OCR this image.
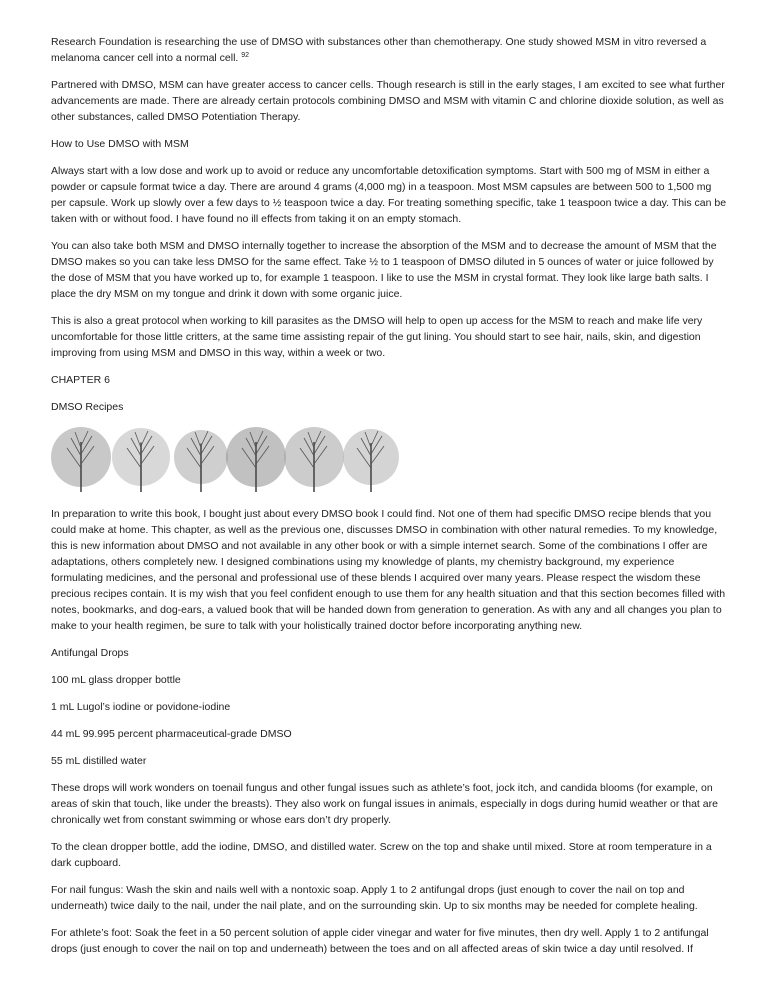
Research Foundation is researching the use of DMSO with substances other than chemotherapy. One study showed MSM in vitro reversed a melanoma cancer cell into a normal cell. $^{92}$

Partnered with DMSO, MSM can have greater access to cancer cells. Though research is still in the early stages, I am excited to see what further advancements are made. There are already certain protocols combining DMSO and MSM with vitamin C and chlorine dioxide solution, as well as other substances, called DMSO Potentiation Therapy.

How to Use DMSO with MSM

Always start with a low dose and work up to avoid or reduce any uncomfortable detoxification symptoms. Start with 500 mg of MSM in either a powder or capsule format twice a day. There are around 4 grams (4,000 mg) in a teaspoon. Most MSM capsules are between 500 to 1,500 mg per capsule. Work up slowly over a few days to ½ teaspoon twice a day. For treating something specific, take 1 teaspoon twice a day. This can be taken with or without food. I have found no ill effects from taking it on an empty stomach.

You can also take both MSM and DMSO internally together to increase the absorption of the MSM and to decrease the amount of MSM that the DMSO makes so you can take less DMSO for the same effect. Take ½ to 1 teaspoon of DMSO diluted in 5 ounces of water or juice followed by the dose of MSM that you have worked up to, for example 1 teaspoon. I like to use the MSM in crystal format. They look like large bath salts. I place the dry MSM on my tongue and drink it down with some organic juice.

This is also a great protocol when working to kill parasites as the DMSO will help to open up access for the MSM to reach and make life very uncomfortable for those little critters, at the same time assisting repair of the gut lining. You should start to see hair, nails, skin, and digestion improving from using MSM and DMSO in this way, within a week or two.

CHAPTER 6

DMSO Recipes

In preparation to write this book, I bought just about every DMSO book I could find. Not one of them had specific DMSO recipe blends that you could make at home. This chapter, as well as the previous one, discusses DMSO in combination with other natural remedies. To my knowledge, this is new information about DMSO and not available in any other book or with a simple internet search. Some of the combinations I offer are adaptations, others completely new. I designed combinations using my knowledge of plants, my chemistry background, my experience formulating medicines, and the personal and professional use of these blends I acquired over many years. Please respect the wisdom these precious recipes contain. It is my wish that you feel confident enough to use them for any health situation and that this section becomes filled with notes, bookmarks, and dog-ears, a valued book that will be handed down from generation to generation. As with any and all changes you plan to make to your health regimen, be sure to talk with your holistically trained doctor before incorporating anything new.

Antifungal Drops

100 mL glass dropper bottle

1 mL Lugol’s iodine or povidone-iodine

44 mL 99.995 percent pharmaceutical-grade DMSO

55 mL distilled water

These drops will work wonders on toenail fungus and other fungal issues such as athlete’s foot, jock itch, and candida blooms (for example, on areas of skin that touch, like under the breasts). They also work on fungal issues in animals, especially in dogs during humid weather or that are chronically wet from constant swimming or whose ears don’t dry properly.

To the clean dropper bottle, add the iodine, DMSO, and distilled water. Screw on the top and shake until mixed. Store at room temperature in a dark cupboard.

For nail fungus: Wash the skin and nails well with a nontoxic soap. Apply 1 to 2 antifungal drops (just enough to cover the nail on top and underneath) twice daily to the nail, under the nail plate, and on the surrounding skin. Up to six months may be needed for complete healing.

For athlete’s foot: Soak the feet in a 50 percent solution of apple cider vinegar and water for five minutes, then dry well. Apply 1 to 2 antifungal drops (just enough to cover the nail on top and underneath) between the toes and on all affected areas of skin twice a day until resolved. If
